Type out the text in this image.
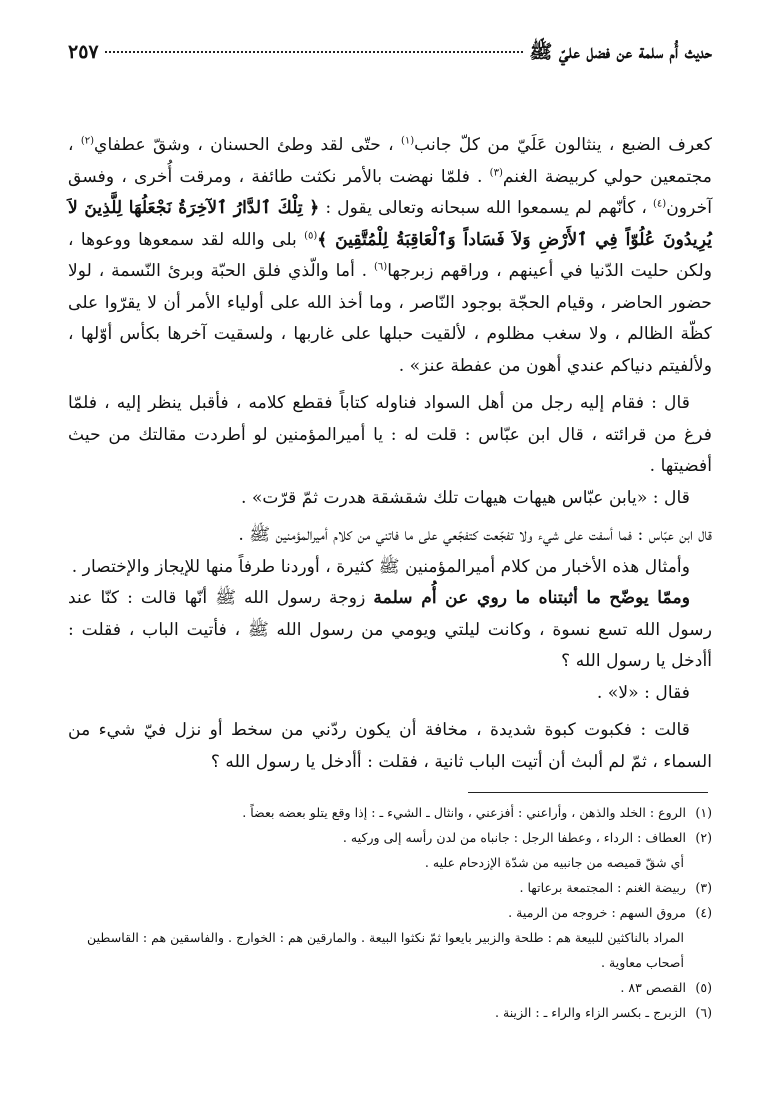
حديث أُم سلمة عن فضل عليّ ﷺ
٢٥٧

كعرف الضبع ، ينثالون عَلَيّ من كلّ جانب$^{(١)}$ ، حتّى لقد وطئ الحسنان ، وشقّ عطفاي$^{(٢)}$ ، مجتمعين حولي كربيضة الغنم$^{(٣)}$ . فلمّا نهضت بالأمر نكثت طائفة ، ومرقت أُخرى ، وفسق آخرون$^{(٤)}$ ، كأنّهم لم يسمعوا الله سبحانه وتعالى يقول : ﴿ تِلْكَ ٱلدَّارُ ٱلآخِرَةُ نَجْعَلُهَا لِلَّذِينَ لاَ يُرِيدُونَ عُلُوّاً فِي ٱلأَرْضِ وَلاَ فَسَاداً وَٱلْعَاقِبَةُ لِلْمُتَّقِينَ ﴾$^{(٥)}$ بلى والله لقد سمعوها ووعوها ، ولكن حليت الدّنيا في أعينهم ، وراقهم زبرجها$^{(٦)}$ . أما والّذي فلق الحبّة وبرئ النّسمة ، لولا حضور الحاضر ، وقيام الحجّة بوجود النّاصر ، وما أخذ الله على أولياء الأمر أن لا يقرّوا على كظّة الظالم ، ولا سغب مظلوم ، لألقيت حبلها على غاربها ، ولسقيت آخرها بكأس أوّلها ، ولألفيتم دنياكم عندي أهون من عفطة عنز» .

قال : فقام إليه رجل من أهل السواد فناوله كتاباً فقطع كلامه ، فأقبل ينظر إليه ، فلمّا فرغ من قرائته ، قال ابن عبّاس : قلت له : يا أميرالمؤمنين لو أطردت مقالتك من حيث أفضيتها .

قال : «يابن عبّاس هيهات هيهات تلك شقشقة هدرت ثمّ قرّت» .

قال ابن عبّاس : فما أسفت على شيء ولا تفجّعت كتفجّعي على ما فاتني من كلام أميرالمؤمنين ﷺ .

وأمثال هذه الأخبار من كلام أميرالمؤمنين ﷺ كثيرة ، أوردنا طرفاً منها للإيجاز والإختصار .

وممّا يوضّح ما أثبتناه ما روي عن أُم سلمة زوجة رسول الله ﷺ أنّها قالت : كنّا عند رسول الله تسع نسوة ، وكانت ليلتي ويومي من رسول الله ﷺ ، فأتيت الباب ، فقلت : أأدخل يا رسول الله ؟

فقال : «لا» .

قالت : فكبوت كبوة شديدة ، مخافة أن يكون ردّني من سخط أو نزل فيّ شيء من السماء ، ثمّ لم ألبث أن أتيت الباب ثانية ، فقلت : أأدخل يا رسول الله ؟

(١)الروع : الخلد والذهن ، وأراعني : أفزعني ، وانثال ـ الشيء ـ : إذا وقع يتلو بعضه بعضاً .

(٢)العطاف : الرداء ، وعطفا الرجل : جانباه من لدن رأسه إلى وركيه .

أي شقّ قميصه من جانبيه من شدّة الإزدحام عليه .

(٣)ربيضة الغنم : المجتمعة برعاتها .

(٤)مروق السهم : خروجه من الرمية .

المراد بالناكثين للبيعة هم : طلحة والزبير بايعوا ثمّ نكثوا البيعة . والمارقين هم : الخوارج . والفاسقين هم : القاسطين أصحاب معاوية .

(٥)القصص ٨٣ .

(٦)الزبرج ـ بكسر الزاء والراء ـ : الزينة .
